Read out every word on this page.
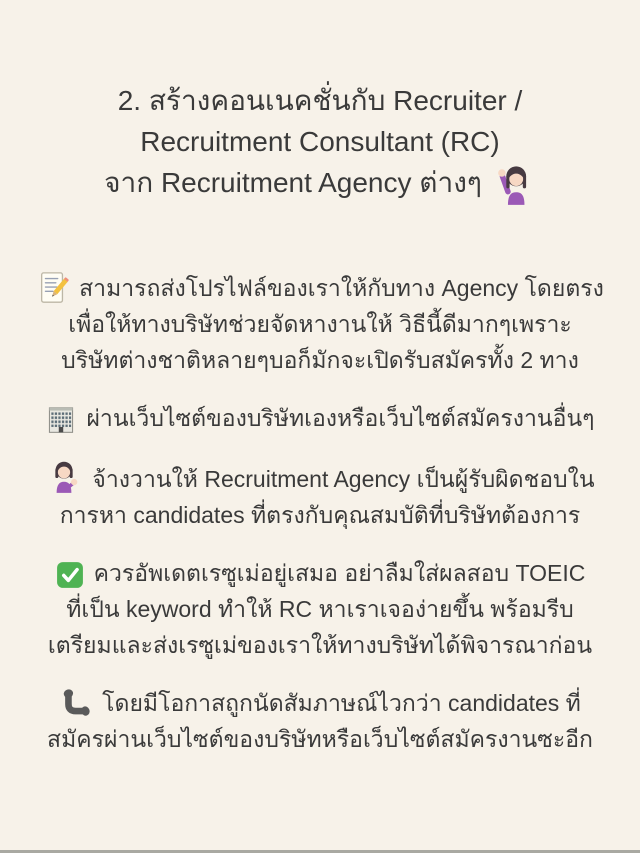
2. สร้างคอนเนคชั่นกับ Recruiter /
Recruitment Consultant (RC)
จาก Recruitment Agency ต่างๆ
สามารถส่งโปรไฟล์ของเราให้กับทาง Agency โดยตรง
เพื่อให้ทางบริษัทช่วยจัดหางานให้ วิธีนี้ดีมากๆเพราะ
บริษัทต่างชาติหลายๆบอก็มักจะเปิดรับสมัครทั้ง 2 ทาง
ผ่านเว็บไซต์ของบริษัทเองหรือเว็บไซต์สมัครงานอื่นๆ
จ้างวานให้ Recruitment Agency เป็นผู้รับผิดชอบใน
การหา candidates ที่ตรงกับคุณสมบัติที่บริษัทต้องการ
ควรอัพเดตเรซูเม่อยู่เสมอ อย่าลืมใส่ผลสอบ TOEIC
ที่เป็น keyword ทำให้ RC หาเราเจอง่ายขึ้น พร้อมรีบ
เตรียมและส่งเรซูเม่ของเราให้ทางบริษัทได้พิจารณาก่อน
โดยมีโอกาสถูกนัดสัมภาษณ์ไวกว่า candidates ที่
สมัครผ่านเว็บไซต์ของบริษัทหรือเว็บไซต์สมัครงานซะอีก
